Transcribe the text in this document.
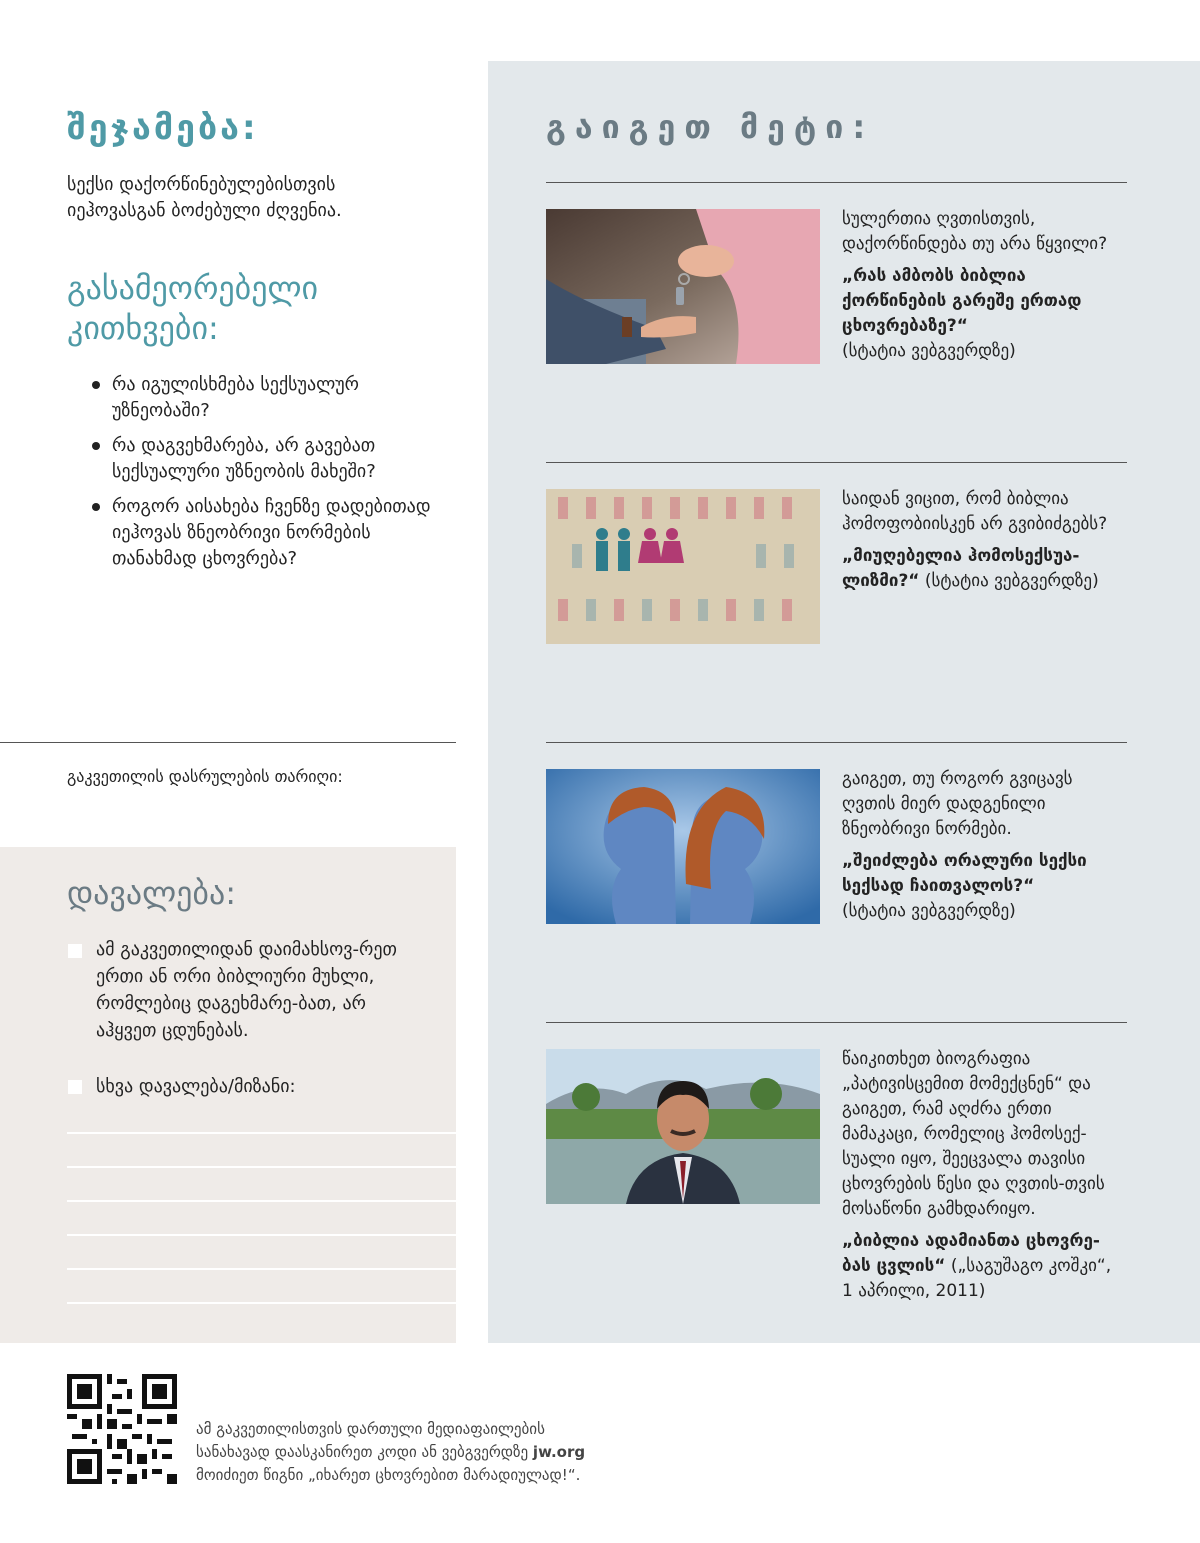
შეჯამება:
სექსი დაქორწინებულებისთვის იეჰოვასგან ბოძებული ძღვენია.
გასამეორებელი
კითხვები:
რა იგულისხმება სექსუალურ უზნეობაში?
რა დაგვეხმარება, არ გავებათ სექსუალური უზნეობის მახეში?
როგორ აისახება ჩვენზე დადებითად იეჰოვას ზნეობრივი ნორმების თანახმად ცხოვრება?
გაკვეთილის დასრულების თარიღი:
დავალება:
ამ გაკვეთილიდან დაიმახსოვ-რეთ ერთი ან ორი ბიბლიური მუხლი, რომლებიც დაგეხმარე-ბათ, არ აჰყვეთ ცდუნებას.
სხვა დავალება/მიზანი:
გაიგეთ მეტი:
სულერთია ღვთისთვის, დაქორწინდება თუ არა წყვილი?
„რას ამბობს ბიბლია ქორწინების გარეშე ერთად ცხოვრებაზე?“
(სტატია ვებგვერდზე)
საიდან ვიცით, რომ ბიბლია ჰომოფობიისკენ არ გვიბიძგებს?
„მიუღებელია ჰომოსექსუა-ლიზმი?“ (სტატია ვებგვერდზე)
გაიგეთ, თუ როგორ გვიცავს ღვთის მიერ დადგენილი ზნეობრივი ნორმები.
„შეიძლება ორალური სექსი სექსად ჩაითვალოს?“
(სტატია ვებგვერდზე)
წაიკითხეთ ბიოგრაფია „პატივისცემით მომექცნენ“ და გაიგეთ, რამ აღძრა ერთი მამაკაცი, რომელიც ჰომოსექ-სუალი იყო, შეეცვალა თავისი ცხოვრების წესი და ღვთის-თვის მოსაწონი გამხდარიყო.
„ბიბლია ადამიანთა ცხოვრე-ბას ცვლის“ („საგუშაგო კოშკი“, 1 აპრილი, 2011)
ამ გაკვეთილისთვის დართული მედიაფაილების
სანახავად დაასკანირეთ კოდი ან ვებგვერდზე jw.org
მოიძიეთ წიგნი „იხარეთ ცხოვრებით მარადიულად!“.
